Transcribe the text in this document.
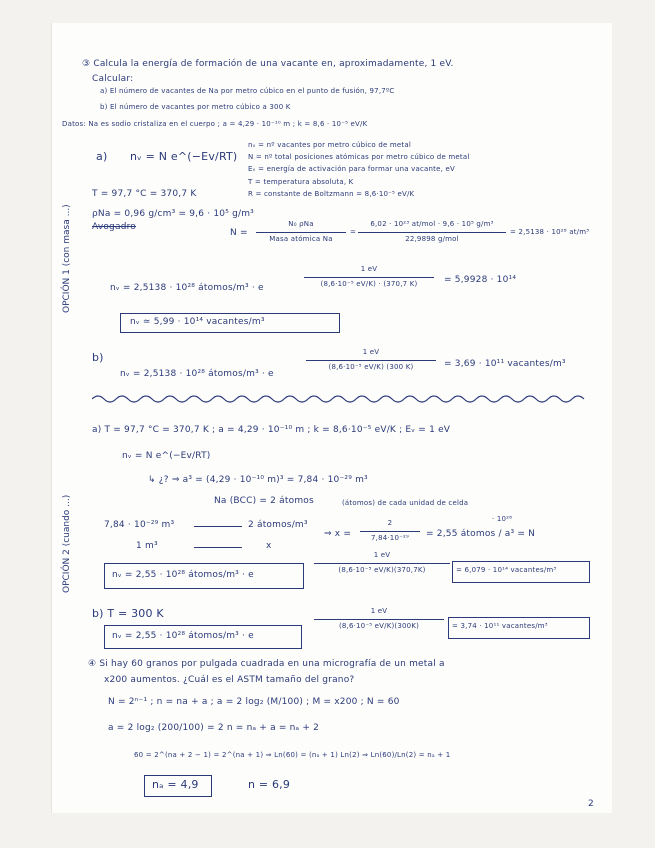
③ Calcula la energía de formación de una vacante en, aproximadamente, 1 eV.
Calcular:
a) El número de vacantes de Na por metro cúbico en el punto de fusión, 97,7ºC
b) El número de vacantes por metro cúbico a 300 K
Datos: Na es sodio cristaliza en el cuerpo ; a = 4,29 · 10⁻¹⁰ m ; k = 8,6 · 10⁻⁵ eV/K
OPCIÓN 1 (con masa ...)
a) nᵥ = N e^(−Ev/RT)
nᵥ = nº vacantes por metro cúbico de metal
N = nº total posiciones atómicas por metro cúbico de metal
Eᵥ = energía de activación para formar una vacante, eV
T = temperatura absoluta, K
R = constante de Boltzmann = 8,6·10⁻⁵ eV/K
T = 97,7 °C = 370,7 K
ρNa = 0,96 g/cm³ = 9,6 · 10⁵ g/m³
Avogadro
N =
N₀ ρNa
Masa atómica Na
=
6,02 · 10²³ at/mol · 9,6 · 10⁵ g/m³
22,9898 g/mol
= 2,5138 · 10²⁸ at/m³
nᵥ = 2,5138 · 10²⁸ átomos/m³ · e
1 eV
(8,6·10⁻⁵ eV/K) · (370,7 K)	= 5,9928 · 10¹⁴
nᵥ ≃ 5,99 · 10¹⁴ vacantes/m³
b)
nᵥ = 2,5138 · 10²⁸ átomos/m³ · e
1 eV
(8,6·10⁻⁵ eV/K) (300 K)	= 3,69 · 10¹¹ vacantes/m³
OPCIÓN 2 (cuando ...)
a) T = 97,7 °C = 370,7 K ; a = 4,29 · 10⁻¹⁰ m ; k = 8,6·10⁻⁵ eV/K ; Eᵥ = 1 eV
nᵥ = N e^(−Ev/RT)
↳ ¿? ⇒ a³ = (4,29 · 10⁻¹⁰ m)³ = 7,84 · 10⁻²⁹ m³
Na (BCC) = 2 átomos	(átomos) de cada unidad de celda
7,84 · 10⁻²⁹ m³	2 átomos/m³
1 m³	x
⇒ x =
2
7,84·10⁻²⁹	= 2,55 átomos / a³ = N
· 10²⁸
nᵥ = 2,55 · 10²⁸ átomos/m³ · e
1 eV
(8,6·10⁻⁵ eV/K)(370,7K)	= 6,079 · 10¹⁴ vacantes/m³
b) T = 300 K
nᵥ = 2,55 · 10²⁸ átomos/m³ · e
1 eV
(8,6·10⁻⁵ eV/K)(300K)	= 3,74 · 10¹¹ vacantes/m³
④ Si hay 60 granos por pulgada cuadrada en una micrografía de un metal a
x200 aumentos. ¿Cuál es el ASTM tamaño del grano?
N = 2ⁿ⁻¹ ; n = na + a ; a = 2 log₂ (M/100) ; M = x200 ; N = 60
a = 2 log₂ (200/100) = 2 n = nₐ + a = nₐ + 2
60 = 2^(na + 2 − 1) = 2^(na + 1) ⇒ Ln(60) = (nₐ + 1) Ln(2) ⇒ Ln(60)/Ln(2) = nₐ + 1
nₐ = 4,9	n = 6,9
2
